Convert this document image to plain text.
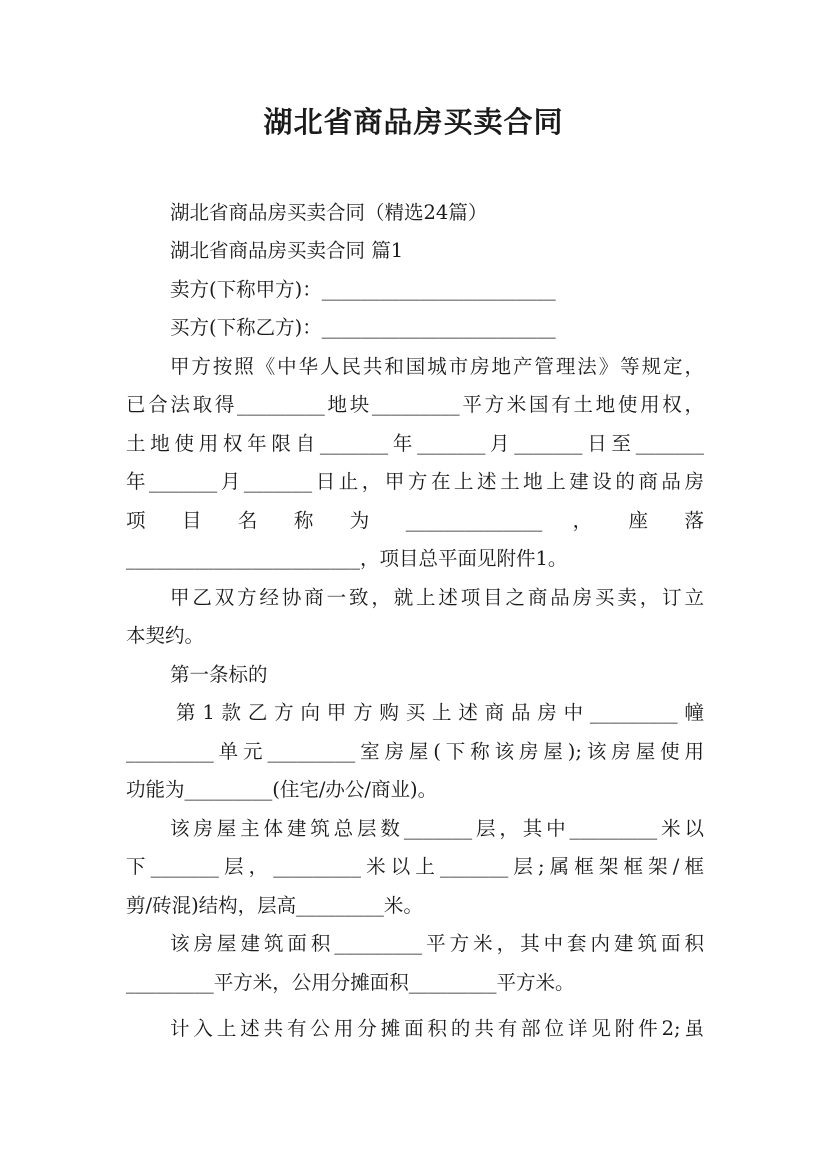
湖北省商品房买卖合同
湖北省商品房买卖合同（精选24篇）
湖北省商品房买卖合同 篇1
卖方(下称甲方)：________________________
买方(下称乙方)：________________________
甲方按照《中华人民共和国城市房地产管理法》等规定，
已合法取得_________地块_________平方米国有土地使用权，
土地使用权年限自_______年_______月_______日至_______
年_______月_______日止，甲方在上述土地上建设的商品房
项 目 名 称 为 ______________ ， 座 落
________________________，项目总平面见附件1。
甲乙双方经协商一致，就上述项目之商品房买卖，订立
本契约。
第一条标的
第1款乙方向甲方购买上述商品房中_________幢
_________单元_________室房屋(下称该房屋);该房屋使用
功能为_________(住宅/办公/商业)。
该房屋主体建筑总层数_______层，其中_________米以
下_______层，_________米以上_______层;属框架框架/框
剪/砖混)结构，层高_________米。
该房屋建筑面积_________平方米，其中套内建筑面积
_________平方米，公用分摊面积_________平方米。
计入上述共有公用分摊面积的共有部位详见附件2;虽
